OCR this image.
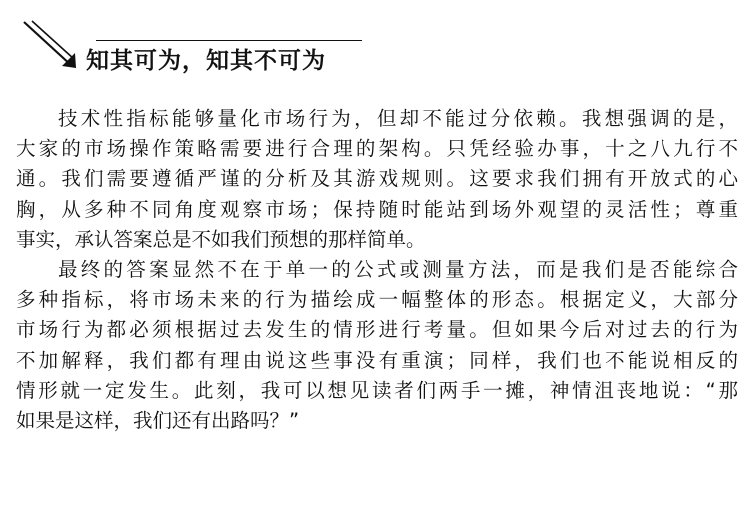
知其可为，知其不可为
技术性指标能够量化市场行为，但却不能过分依赖。我想强调的是，
大家的市场操作策略需要进行合理的架构。只凭经验办事，十之八九行不
通。我们需要遵循严谨的分析及其游戏规则。这要求我们拥有开放式的心
胸，从多种不同角度观察市场；保持随时能站到场外观望的灵活性；尊重
事实，承认答案总是不如我们预想的那样简单。
最终的答案显然不在于单一的公式或测量方法，而是我们是否能综合
多种指标，将市场未来的行为描绘成一幅整体的形态。根据定义，大部分
市场行为都必须根据过去发生的情形进行考量。但如果今后对过去的行为
不加解释，我们都有理由说这些事没有重演；同样，我们也不能说相反的
情形就一定发生。此刻，我可以想见读者们两手一摊，神情沮丧地说：“那
如果是这样，我们还有出路吗？”
